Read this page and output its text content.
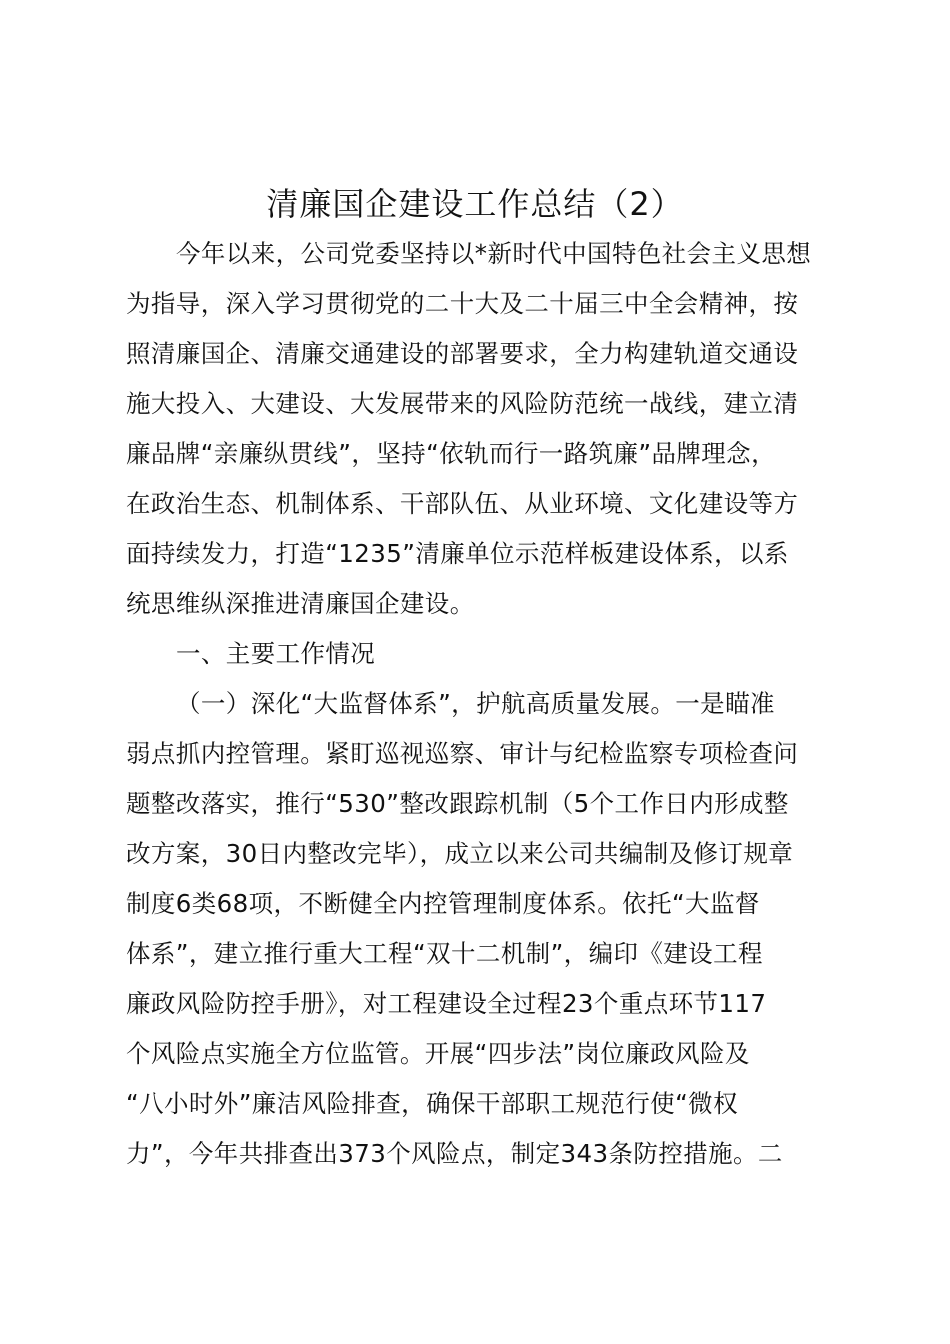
清廉国企建设工作总结（2）
今年以来，公司党委坚持以*新时代中国特色社会主义思想
为指导，深入学习贯彻党的二十大及二十届三中全会精神，按
照清廉国企、清廉交通建设的部署要求，全力构建轨道交通设
施大投入、大建设、大发展带来的风险防范统一战线，建立清
廉品牌“亲廉纵贯线”，坚持“依轨而行一路筑廉”品牌理念，
在政治生态、机制体系、干部队伍、从业环境、文化建设等方
面持续发力，打造“1235”清廉单位示范样板建设体系，以系
统思维纵深推进清廉国企建设。
一、主要工作情况
（一）深化“大监督体系”，护航高质量发展。一是瞄准
弱点抓内控管理。紧盯巡视巡察、审计与纪检监察专项检查问
题整改落实，推行“530”整改跟踪机制（5个工作日内形成整
改方案，30日内整改完毕），成立以来公司共编制及修订规章
制度6类68项，不断健全内控管理制度体系。依托“大监督
体系”，建立推行重大工程“双十二机制”，编印《建设工程
廉政风险防控手册》，对工程建设全过程23个重点环节117
个风险点实施全方位监管。开展“四步法”岗位廉政风险及
“八小时外”廉洁风险排查，确保干部职工规范行使“微权
力”，今年共排查出373个风险点，制定343条防控措施。二
